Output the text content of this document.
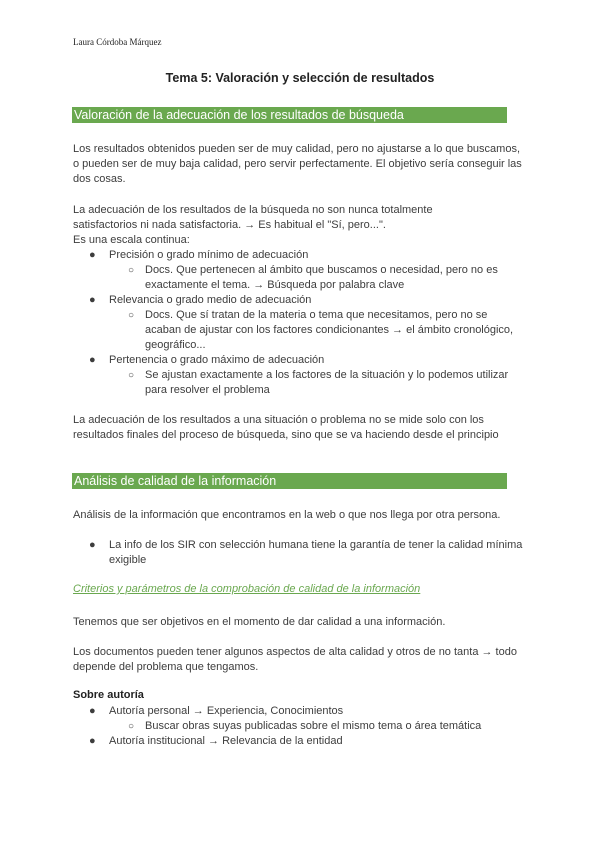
Laura Córdoba Márquez
Tema 5: Valoración y selección de resultados
Valoración de la adecuación de los resultados de búsqueda

Los resultados obtenidos pueden ser de muy calidad, pero no ajustarse a lo que buscamos, o pueden ser de muy baja calidad, pero servir perfectamente. El objetivo sería conseguir las dos cosas.

La adecuación de los resultados de la búsqueda no son nunca totalmente
satisfactorios ni nada satisfactoria. → Es habitual el "Sí, pero...".
Es una escala continua:
● Precisión o grado mínimo de adecuación
○ Docs. Que pertenecen al ámbito que buscamos o necesidad, pero no es exactamente el tema. → Búsqueda por palabra clave
● Relevancia o grado medio de adecuación
○ Docs. Que sí tratan de la materia o tema que necesitamos, pero no se acaban de ajustar con los factores condicionantes → el ámbito cronológico, geográfico...
● Pertenencia o grado máximo de adecuación
○ Se ajustan exactamente a los factores de la situación y lo podemos utilizar para resolver el problema

La adecuación de los resultados a una situación o problema no se mide solo con los resultados finales del proceso de búsqueda, sino que se va haciendo desde el principio

Análisis de calidad de la información

Análisis de la información que encontramos en la web o que nos llega por otra persona.

● La info de los SIR con selección humana tiene la garantía de tener la calidad mínima exigible
Criterios y parámetros de la comprobación de calidad de la información

Tenemos que ser objetivos en el momento de dar calidad a una información.

Los documentos pueden tener algunos aspectos de alta calidad y otros de no tanta → todo depende del problema que tengamos.

Sobre autoría
● Autoría personal → Experiencia, Conocimientos
○ Buscar obras suyas publicadas sobre el mismo tema o área temática
● Autoría institucional → Relevancia de la entidad
